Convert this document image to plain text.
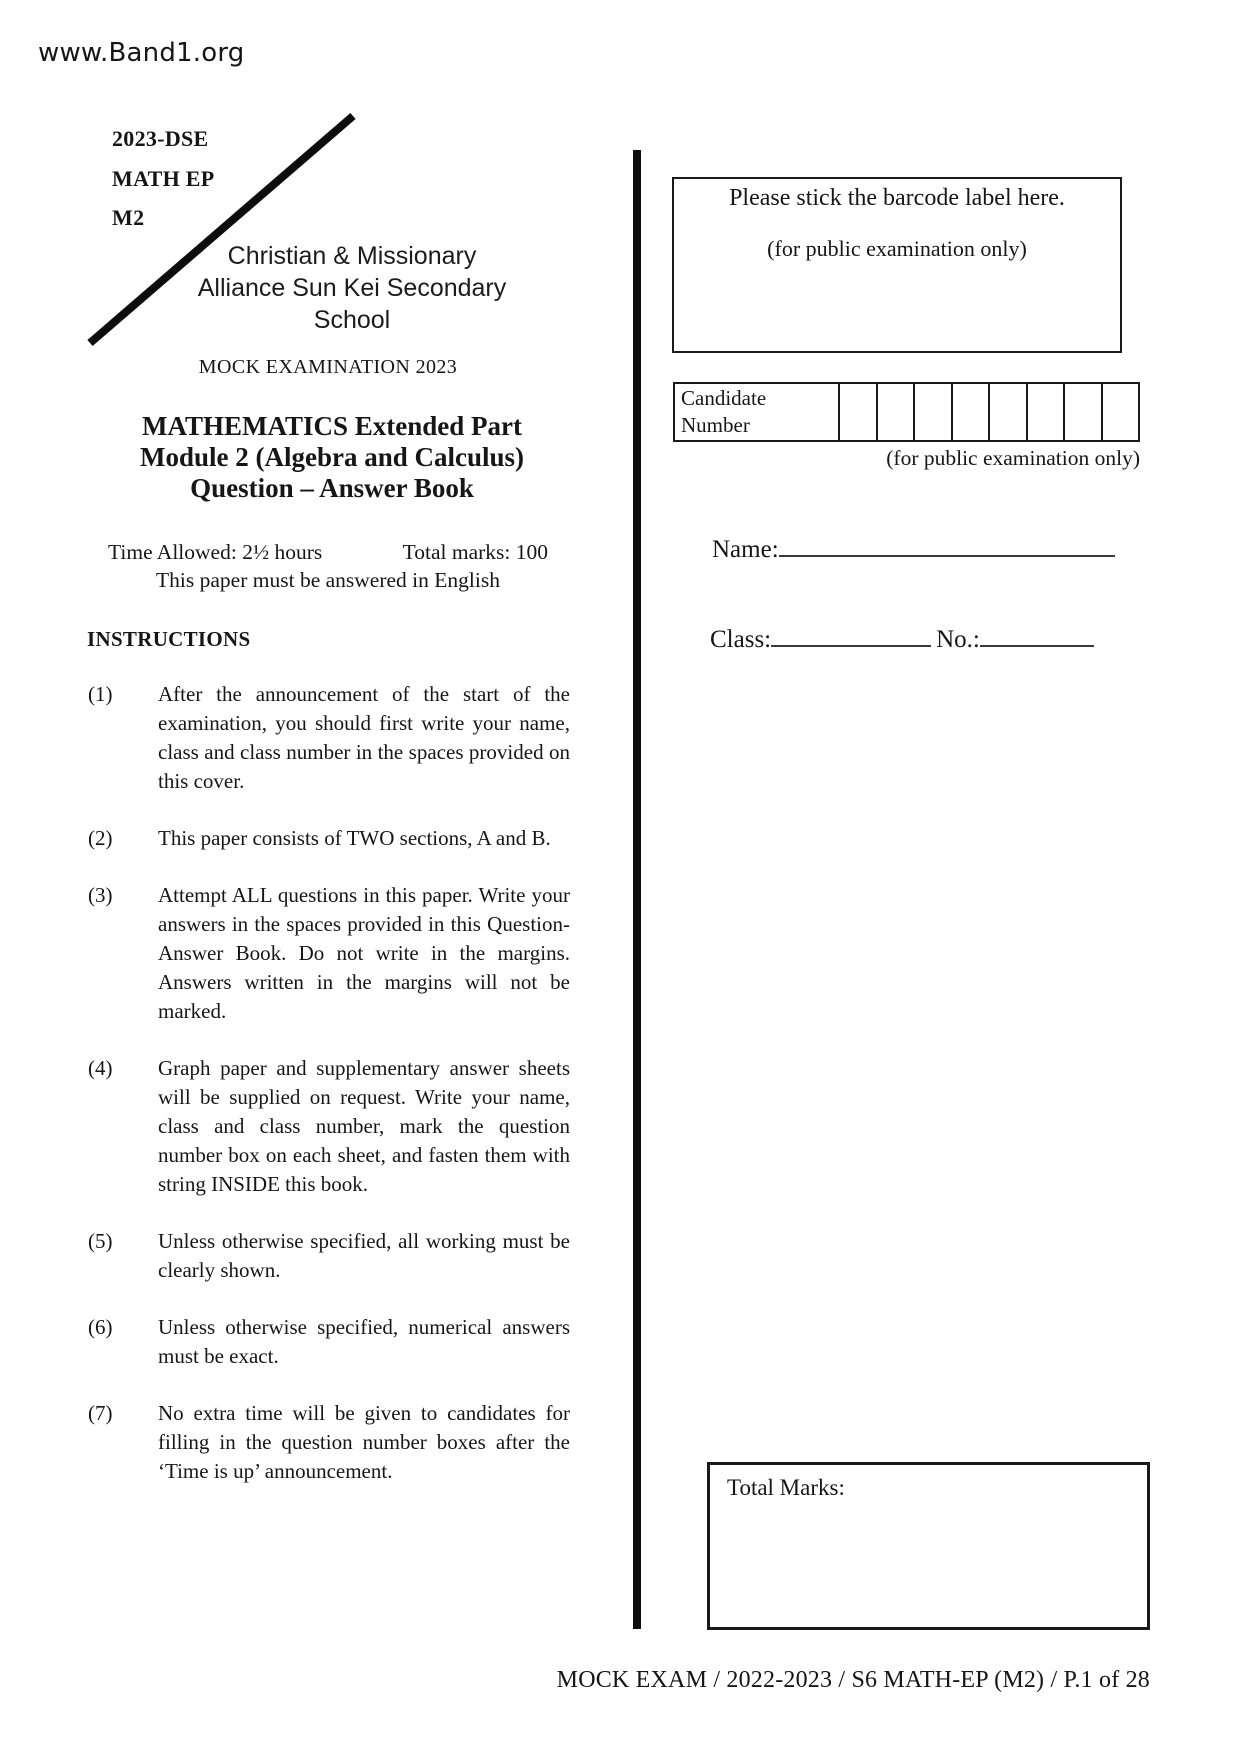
www.Band1.org
2023-DSE
MATH EP
M2
Christian & Missionary
Alliance Sun Kei Secondary
School
MOCK EXAMINATION 2023
MATHEMATICS Extended Part
Module 2 (Algebra and Calculus)
Question – Answer Book
Time Allowed: 2½ hours	Total marks: 100
This paper must be answered in English
INSTRUCTIONS
(1)	After the announcement of the start of the examination, you should first write your name, class and class number in the spaces provided on this cover.
(2)	This paper consists of TWO sections, A and B.
(3)	Attempt ALL questions in this paper. Write your answers in the spaces provided in this Question-Answer Book. Do not write in the margins. Answers written in the margins will not be marked.
(4)	Graph paper and supplementary answer sheets will be supplied on request. Write your name, class and class number, mark the question number box on each sheet, and fasten them with string INSIDE this book.
(5)	Unless otherwise specified, all working must be clearly shown.
(6)	Unless otherwise specified, numerical answers must be exact.
(7)	No extra time will be given to candidates for filling in the question number boxes after the ‘Time is up’ announcement.
Please stick the barcode label here.
(for public examination only)
Candidate
Number
(for public examination only)
Name:
Class:	No.:
Total Marks:
MOCK EXAM / 2022-2023 / S6 MATH-EP (M2) / P.1 of 28
